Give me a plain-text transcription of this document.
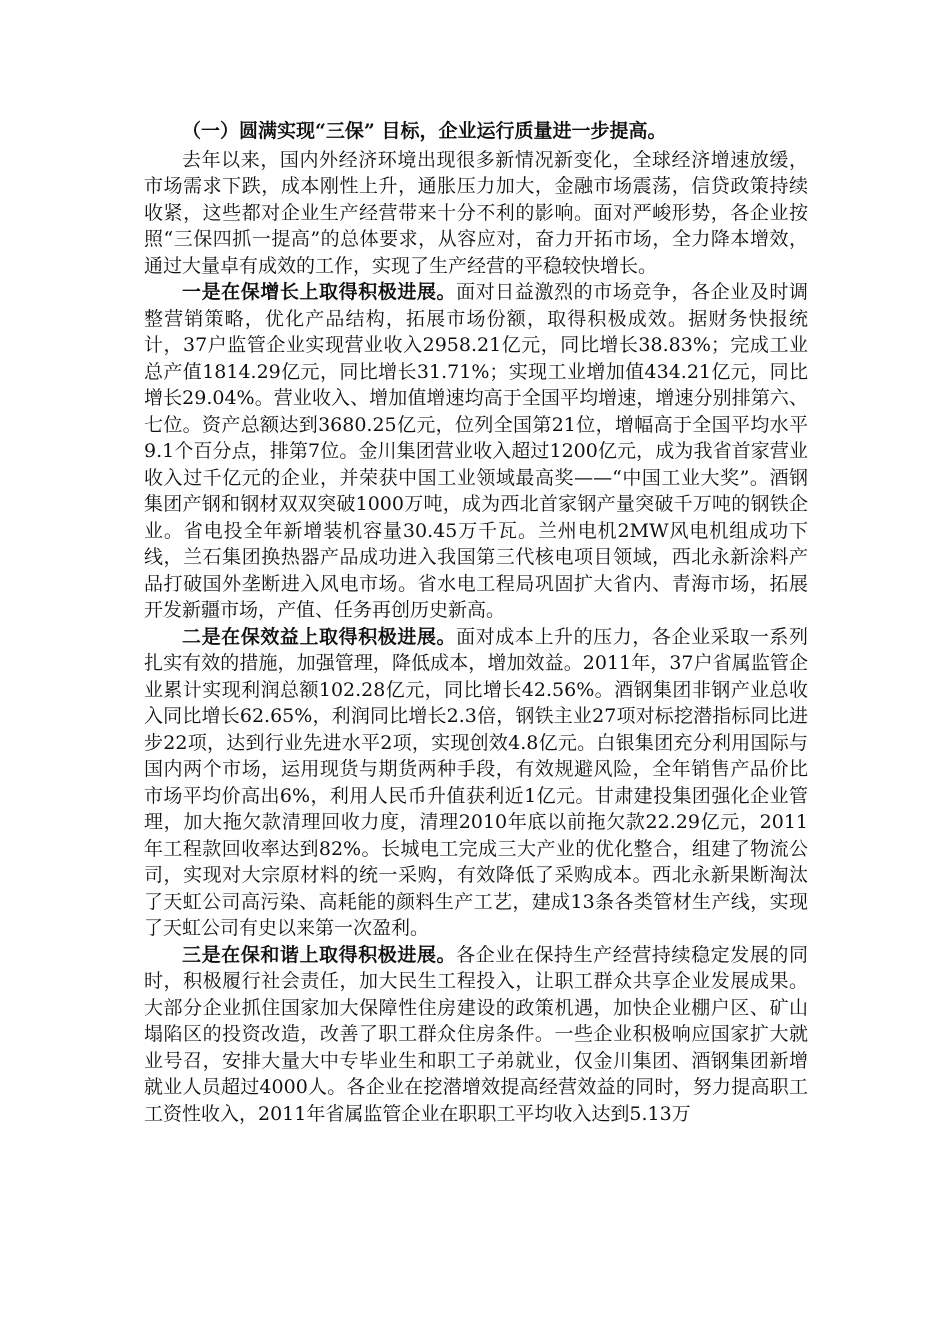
（一）圆满实现“三保” 目标，企业运行质量进一步提高。

去年以来，国内外经济环境出现很多新情况新变化，全球经济增速放缓，市场需求下跌，成本刚性上升，通胀压力加大，金融市场震荡，信贷政策持续收紧，这些都对企业生产经营带来十分不利的影响。面对严峻形势，各企业按照“三保四抓一提高”的总体要求，从容应对，奋力开拓市场，全力降本增效，通过大量卓有成效的工作，实现了生产经营的平稳较快增长。

一是在保增长上取得积极进展。面对日益激烈的市场竞争，各企业及时调整营销策略，优化产品结构，拓展市场份额，取得积极成效。据财务快报统计，37户监管企业实现营业收入2958.21亿元，同比增长38.83%；完成工业总产值1814.29亿元，同比增长31.71%；实现工业增加值434.21亿元，同比增长29.04%。营业收入、增加值增速均高于全国平均增速，增速分别排第六、七位。资产总额达到3680.25亿元，位列全国第21位，增幅高于全国平均水平9.1个百分点，排第7位。金川集团营业收入超过1200亿元，成为我省首家营业收入过千亿元的企业，并荣获中国工业领域最高奖——“中国工业大奖”。酒钢集团产钢和钢材双双突破1000万吨，成为西北首家钢产量突破千万吨的钢铁企业。省电投全年新增装机容量30.45万千瓦。兰州电机2MW风电机组成功下线，兰石集团换热器产品成功进入我国第三代核电项目领域，西北永新涂料产品打破国外垄断进入风电市场。省水电工程局巩固扩大省内、青海市场，拓展开发新疆市场，产值、任务再创历史新高。

二是在保效益上取得积极进展。面对成本上升的压力，各企业采取一系列扎实有效的措施，加强管理，降低成本，增加效益。2011年，37户省属监管企业累计实现利润总额102.28亿元，同比增长42.56%。酒钢集团非钢产业总收入同比增长62.65%，利润同比增长2.3倍，钢铁主业27项对标挖潜指标同比进步22项，达到行业先进水平2项，实现创效4.8亿元。白银集团充分利用国际与国内两个市场，运用现货与期货两种手段，有效规避风险，全年销售产品价比市场平均价高出6%，利用人民币升值获利近1亿元。甘肃建投集团强化企业管理，加大拖欠款清理回收力度，清理2010年底以前拖欠款22.29亿元，2011年工程款回收率达到82%。长城电工完成三大产业的优化整合，组建了物流公司，实现对大宗原材料的统一采购，有效降低了采购成本。西北永新果断淘汰了天虹公司高污染、高耗能的颜料生产工艺，建成13条各类管材生产线，实现了天虹公司有史以来第一次盈利。

三是在保和谐上取得积极进展。各企业在保持生产经营持续稳定发展的同时，积极履行社会责任，加大民生工程投入，让职工群众共享企业发展成果。大部分企业抓住国家加大保障性住房建设的政策机遇，加快企业棚户区、矿山塌陷区的投资改造，改善了职工群众住房条件。一些企业积极响应国家扩大就业号召，安排大量大中专毕业生和职工子弟就业，仅金川集团、酒钢集团新增就业人员超过4000人。各企业在挖潜增效提高经营效益的同时，努力提高职工工资性收入，2011年省属监管企业在职职工平均收入达到5.13万
